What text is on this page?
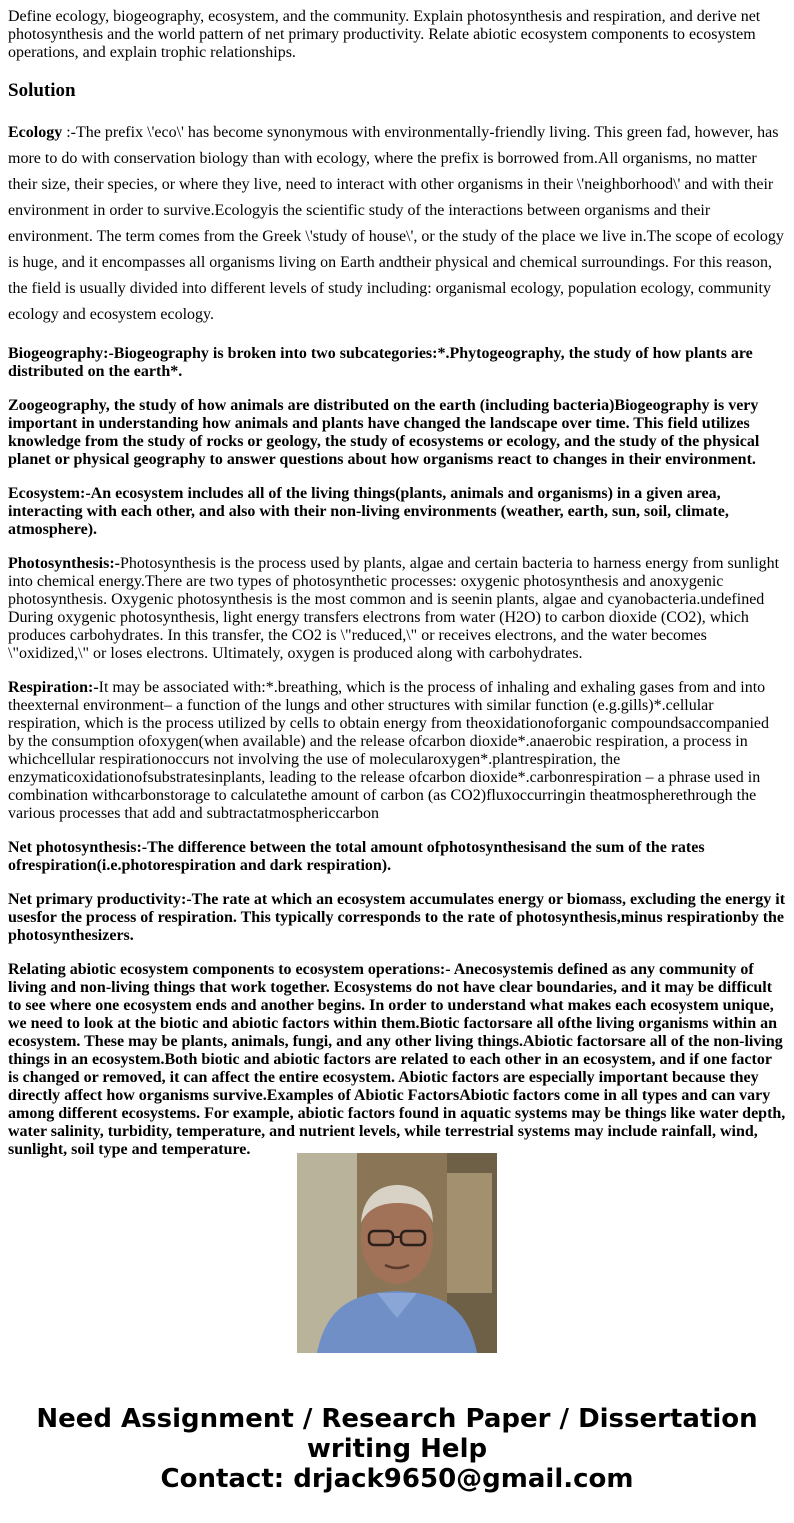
Define ecology, biogeography, ecosystem, and the community. Explain photosynthesis and respiration, and derive net photosynthesis and the world pattern of net primary productivity. Relate abiotic ecosystem components to ecosystem operations, and explain trophic relationships.

Solution

Ecology :-The prefix \'eco\' has become synonymous with environmentally-friendly living. This green fad, however, has more to do with conservation biology than with ecology, where the prefix is borrowed from.All organisms, no matter their size, their species, or where they live, need to interact with other organisms in their \'neighborhood\' and with their environment in order to survive.Ecologyis the scientific study of the interactions between organisms and their environment. The term comes from the Greek \'study of house\', or the study of the place we live in.The scope of ecology is huge, and it encompasses all organisms living on Earth andtheir physical and chemical surroundings. For this reason, the field is usually divided into different levels of study including: organismal ecology, population ecology, community ecology and ecosystem ecology.

Biogeography:-Biogeography is broken into two subcategories:*.Phytogeography, the study of how plants are distributed on the earth*.

Zoogeography, the study of how animals are distributed on the earth (including bacteria)Biogeography is very important in understanding how animals and plants have changed the landscape over time. This field utilizes knowledge from the study of rocks or geology, the study of ecosystems or ecology, and the study of the physical planet or physical geography to answer questions about how organisms react to changes in their environment.

Ecosystem:-An ecosystem includes all of the living things(plants, animals and organisms) in a given area, interacting with each other, and also with their non-living environments (weather, earth, sun, soil, climate, atmosphere).

Photosynthesis:-Photosynthesis is the process used by plants, algae and certain bacteria to harness energy from sunlight into chemical energy.There are two types of photosynthetic processes: oxygenic photosynthesis and anoxygenic photosynthesis. Oxygenic photosynthesis is the most common and is seenin plants, algae and cyanobacteria.undefined During oxygenic photosynthesis, light energy transfers electrons from water (H2O) to carbon dioxide (CO2), which produces carbohydrates. In this transfer, the CO2 is \"reduced,\" or receives electrons, and the water becomes \"oxidized,\" or loses electrons. Ultimately, oxygen is produced along with carbohydrates.

Respiration:-It may be associated with:*.breathing, which is the process of inhaling and exhaling gases from and into theexternal environment– a function of the lungs and other structures with similar function (e.g.gills)*.cellular respiration, which is the process utilized by cells to obtain energy from theoxidationoforganic compoundsaccompanied by the consumption ofoxygen(when available) and the release ofcarbon dioxide*.anaerobic respiration, a process in whichcellular respirationoccurs not involving the use of molecularoxygen*.plantrespiration, the enzymaticoxidationofsubstratesinplants, leading to the release ofcarbon dioxide*.carbonrespiration – a phrase used in combination withcarbonstorage to calculatethe amount of carbon (as CO2)fluxoccurringin theatmospherethrough the various processes that add and subtractatmosphericcarbon

Net photosynthesis:-The difference between the total amount ofphotosynthesisand the sum of the rates ofrespiration(i.e.photorespiration and dark respiration).

Net primary productivity:-The rate at which an ecosystem accumulates energy or biomass, excluding the energy it usesfor the process of respiration. This typically corresponds to the rate of photosynthesis,minus respirationby the photosynthesizers.

Relating abiotic ecosystem components to ecosystem operations:- Anecosystemis defined as any community of living and non-living things that work together. Ecosystems do not have clear boundaries, and it may be difficult to see where one ecosystem ends and another begins. In order to understand what makes each ecosystem unique, we need to look at the biotic and abiotic factors within them.Biotic factorsare all ofthe living organisms within an ecosystem. These may be plants, animals, fungi, and any other living things.Abiotic factorsare all of the non-living things in an ecosystem.Both biotic and abiotic factors are related to each other in an ecosystem, and if one factor is changed or removed, it can affect the entire ecosystem. Abiotic factors are especially important because they directly affect how organisms survive.Examples of Abiotic FactorsAbiotic factors come in all types and can vary among different ecosystems. For example, abiotic factors found in aquatic systems may be things like water depth, water salinity, turbidity, temperature, and nutrient levels, while terrestrial systems may include rainfall, wind, sunlight, soil type and temperature.

Need Assignment / Research Paper / Dissertation
writing Help
Contact: drjack9650@gmail.com
